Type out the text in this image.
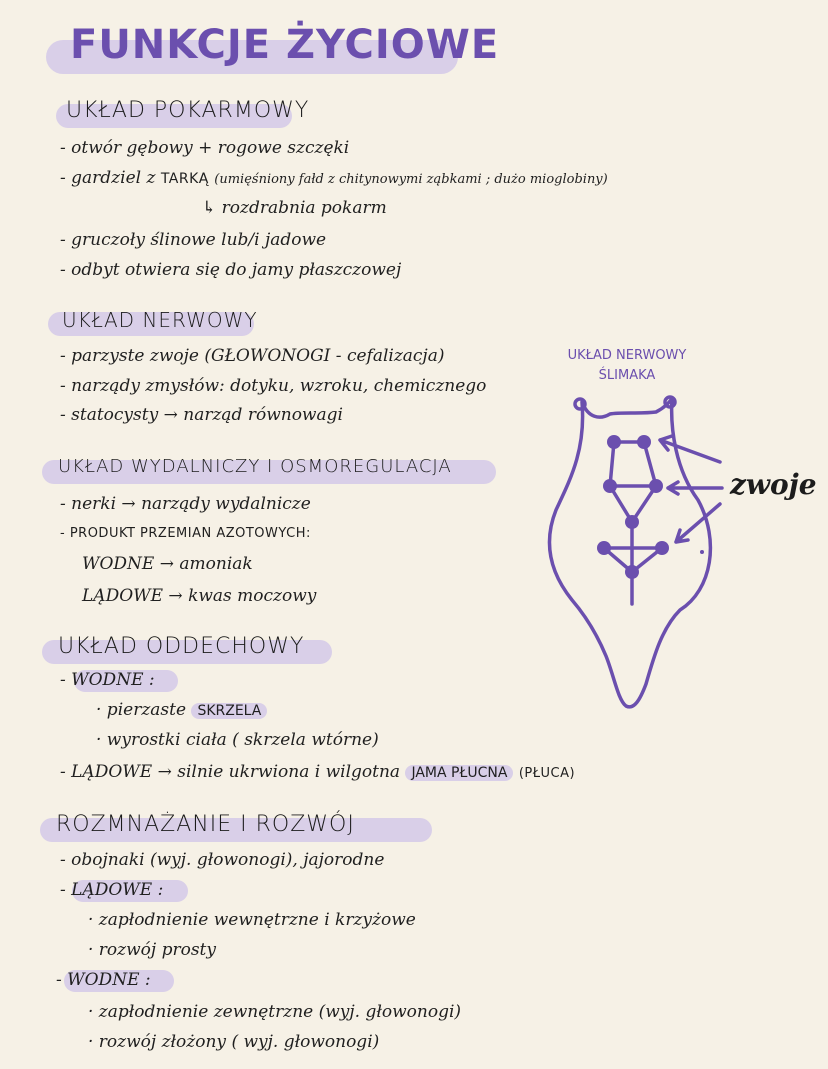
FUNKCJE ŻYCIOWE
UKŁAD POKARMOWY
- otwór gębowy + rogowe szczęki
- gardziel z TARKĄ (umięśniony fałd z chitynowymi ząbkami ; dużo mioglobiny)
↳ rozdrabnia pokarm
- gruczoły ślinowe lub/i jadowe
- odbyt otwiera się do jamy płaszczowej
UKŁAD NERWOWY
- parzyste zwoje (GŁOWONOGI - cefalizacja)
- narządy zmysłów: dotyku, wzroku, chemicznego
- statocysty → narząd równowagi
UKŁAD WYDALNICZY I OSMOREGULACJA
- nerki → narządy wydalnicze
- PRODUKT PRZEMIAN AZOTOWYCH:
WODNE → amoniak
LĄDOWE → kwas moczowy
UKŁAD ODDECHOWY
- WODNE :
· pierzaste SKRZELA
· wyrostki ciała ( skrzela wtórne)
- LĄDOWE → silnie ukrwiona i wilgotna JAMA PŁUCNA (PŁUCA)
ROZMNAŻANIE I ROZWÓJ
- obojnaki (wyj. głowonogi), jajorodne
- LĄDOWE :
· zapłodnienie wewnętrzne i krzyżowe
· rozwój prosty
- WODNE :
· zapłodnienie zewnętrzne (wyj. głowonogi)
· rozwój złożony ( wyj. głowonogi)
UKŁAD NERWOWY
ŚLIMAKA
zwoje
